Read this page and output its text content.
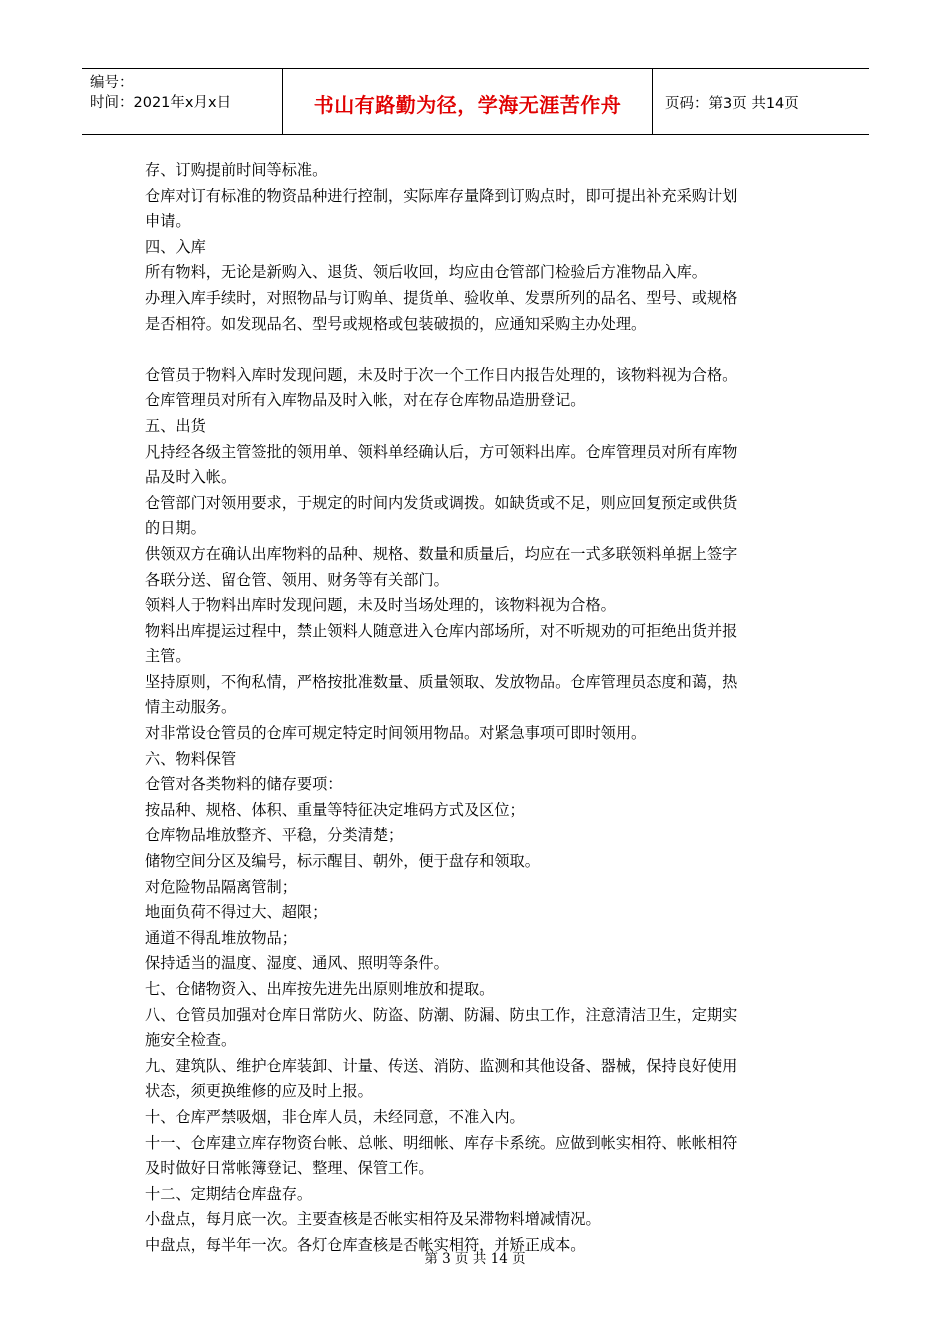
编号：
时间：2021年x月x日	书山有路勤为径，学海无涯苦作舟	页码：第3页 共14页

存、订购提前时间等标准。

仓库对订有标准的物资品种进行控制，实际库存量降到订购点时，即可提出补充采购计划

申请。

四、入库

所有物料，无论是新购入、退货、领后收回，均应由仓管部门检验后方准物品入库。

办理入库手续时，对照物品与订购单、提货单、验收单、发票所列的品名、型号、或规格

是否相符。如发现品名、型号或规格或包装破损的，应通知采购主办处理。

仓管员于物料入库时发现问题，未及时于次一个工作日内报告处理的，该物料视为合格。

仓库管理员对所有入库物品及时入帐，对在存仓库物品造册登记。

五、出货

凡持经各级主管签批的领用单、领料单经确认后，方可领料出库。仓库管理员对所有库物

品及时入帐。

仓管部门对领用要求，于规定的时间内发货或调拨。如缺货或不足，则应回复预定或供货

的日期。

供领双方在确认出库物料的品种、规格、数量和质量后，均应在一式多联领料单据上签字

各联分送、留仓管、领用、财务等有关部门。

领料人于物料出库时发现问题，未及时当场处理的，该物料视为合格。

物料出库提运过程中，禁止领料人随意进入仓库内部场所，对不听规劝的可拒绝出货并报

主管。

坚持原则，不徇私情，严格按批准数量、质量领取、发放物品。仓库管理员态度和蔼，热

情主动服务。

对非常设仓管员的仓库可规定特定时间领用物品。对紧急事项可即时领用。

六、物料保管

仓管对各类物料的储存要项：

按品种、规格、体积、重量等特征决定堆码方式及区位；

仓库物品堆放整齐、平稳，分类清楚；

储物空间分区及编号，标示醒目、朝外，便于盘存和领取。

对危险物品隔离管制；

地面负荷不得过大、超限；

通道不得乱堆放物品；

保持适当的温度、湿度、通风、照明等条件。

七、仓储物资入、出库按先进先出原则堆放和提取。

八、仓管员加强对仓库日常防火、防盗、防潮、防漏、防虫工作，注意清洁卫生，定期实

施安全检查。

九、建筑队、维护仓库装卸、计量、传送、消防、监测和其他设备、器械，保持良好使用

状态，须更换维修的应及时上报。

十、仓库严禁吸烟，非仓库人员，未经同意，不准入内。

十一、仓库建立库存物资台帐、总帐、明细帐、库存卡系统。应做到帐实相符、帐帐相符

及时做好日常帐簿登记、整理、保管工作。

十二、定期结仓库盘存。

小盘点，每月底一次。主要查核是否帐实相符及呆滞物料增减情况。

中盘点，每半年一次。各灯仓库查核是否帐实相符，并矫正成本。

第 3 页 共 14 页
